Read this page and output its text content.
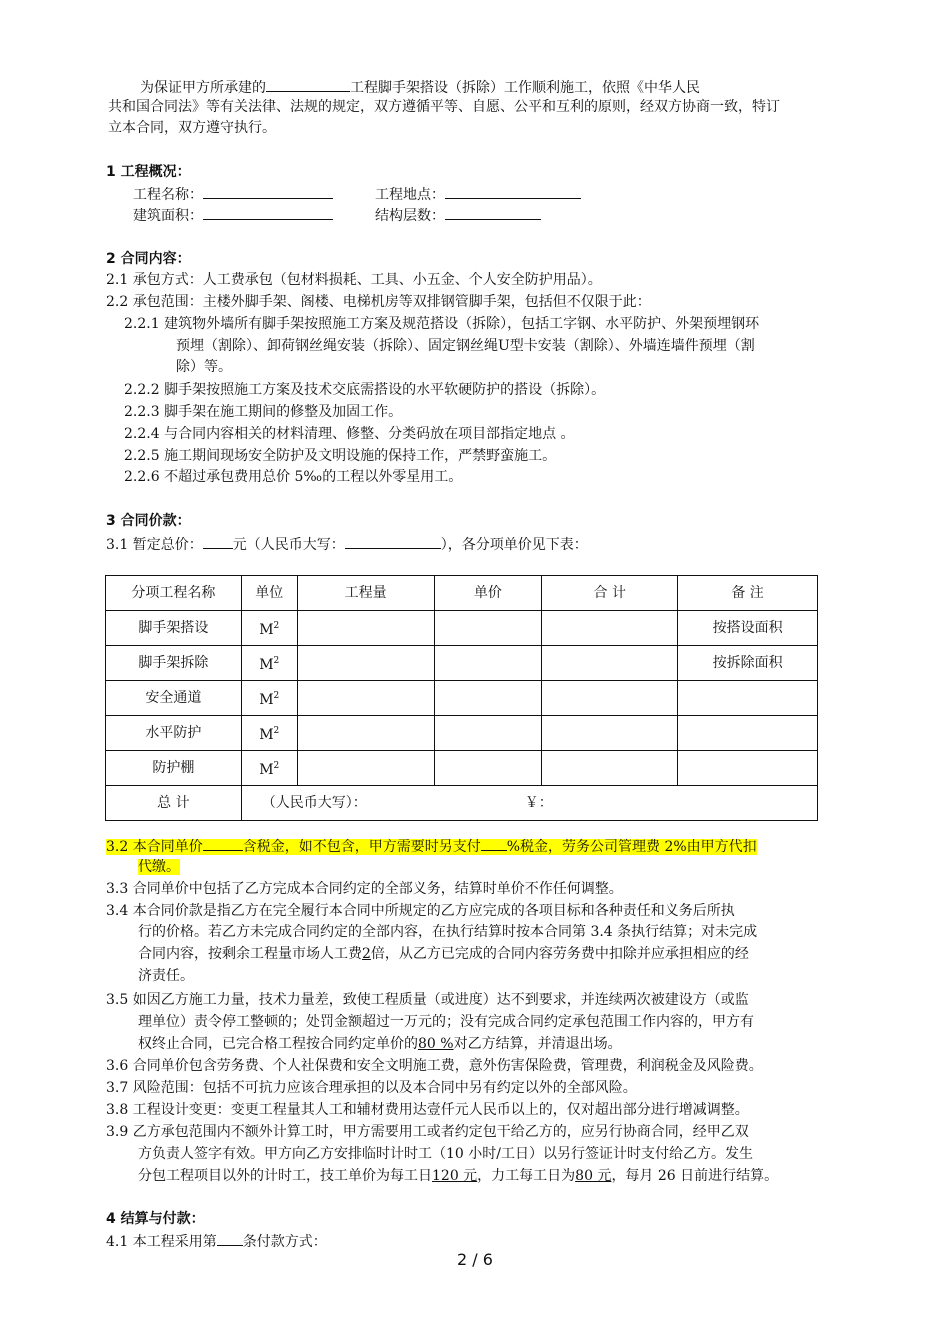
为保证甲方所承建的	工程脚手架搭设（拆除）工作顺利施工，依照《中华人民
共和国合同法》等有关法律、法规的规定，双方遵循平等、自愿、公平和互利的原则，经双方协商一致，特订
立本合同，双方遵守执行。
1 工程概况：
工程名称：	工程地点：
建筑面积：	结构层数：
2 合同内容：
2.1 承包方式：人工费承包（包材料损耗、工具、小五金、个人安全防护用品）。
2.2 承包范围：主楼外脚手架、阁楼、电梯机房等双排钢管脚手架，包括但不仅限于此：
2.2.1 建筑物外墙所有脚手架按照施工方案及规范搭设（拆除），包括工字钢、水平防护、外架预埋钢环
预埋（割除）、卸荷钢丝绳安装（拆除）、固定钢丝绳U型卡安装（割除）、外墙连墙件预埋（割
除）等。
2.2.2 脚手架按照施工方案及技术交底需搭设的水平软硬防护的搭设（拆除）。
2.2.3 脚手架在施工期间的修整及加固工作。
2.2.4 与合同内容相关的材料清理、修整、分类码放在项目部指定地点 。
2.2.5 施工期间现场安全防护及文明设施的保持工作，严禁野蛮施工。
2.2.6 不超过承包费用总价 5‰的工程以外零星用工。
3 合同价款：
3.1 暂定总价： 元（人民币大写：	），各分项单价见下表：
分项工程名称	单位	工程量	单价	合 计	备 注
脚手架搭设	$M^2$				按搭设面积
脚手架拆除	$M^2$				按拆除面积
安全通道	$M^2$				
水平防护	$M^2$				
防护棚	$M^2$				
总 计	（人民币大写）： ￥：				
3.2 本合同单价	含税金，如不包含，甲方需要时另支付 %税金，劳务公司管理费 2%由甲方代扣
代缴。
3.3 合同单价中包括了乙方完成本合同约定的全部义务，结算时单价不作任何调整。
3.4 本合同价款是指乙方在完全履行本合同中所规定的乙方应完成的各项目标和各种责任和义务后所执
行的价格。若乙方未完成合同约定的全部内容，在执行结算时按本合同第 3.4 条执行结算；对未完成
合同内容，按剩余工程量市场人工费2倍，从乙方已完成的合同内容劳务费中扣除并应承担相应的经
济责任。
3.5 如因乙方施工力量，技术力量差，致使工程质量（或进度）达不到要求，并连续两次被建设方（或监
理单位）责令停工整顿的；处罚金额超过一万元的；没有完成合同约定承包范围工作内容的，甲方有
权终止合同，已完合格工程按合同约定单价的80 %对乙方结算，并清退出场。
3.6 合同单价包含劳务费、个人社保费和安全文明施工费，意外伤害保险费，管理费，利润税金及风险费。
3.7 风险范围：包括不可抗力应该合理承担的以及本合同中另有约定以外的全部风险。
3.8 工程设计变更：变更工程量其人工和辅材费用达壹仟元人民币以上的，仅对超出部分进行增减调整。
3.9 乙方承包范围内不额外计算工时，甲方需要用工或者约定包干给乙方的，应另行协商合同，经甲乙双
方负责人签字有效。甲方向乙方安排临时计时工（10 小时/工日）以另行签证计时支付给乙方。发生
分包工程项目以外的计时工，技工单价为每工日120 元，力工每工日为80 元，每月 26 日前进行结算。
4 结算与付款：
4.1 本工程采用第 条付款方式：
2 / 6
